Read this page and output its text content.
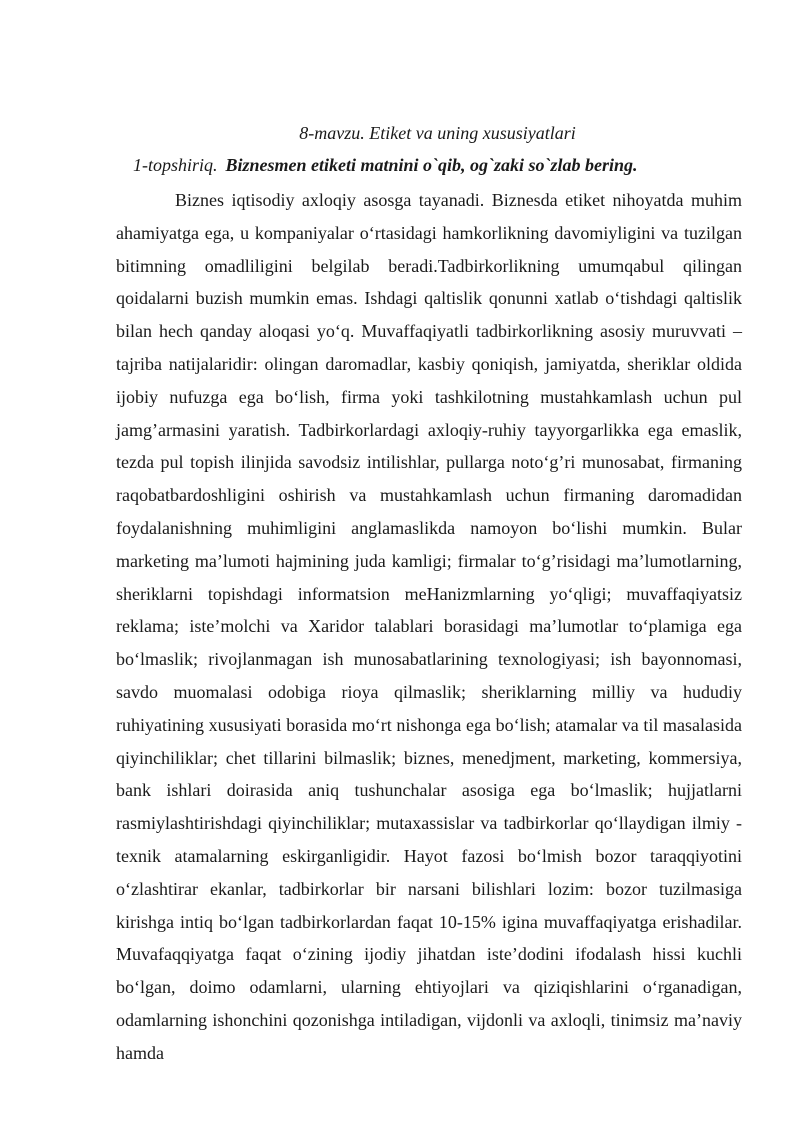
8-mavzu. Etiket va uning xususiyatlari
1-topshiriq. Biznesmen etiketi matnini o`qib, og`zaki so`zlab bering.

Biznes iqtisodiy axloqiy asosga tayanadi. Biznesda etiket nihoyatda muhim ahamiyatga ega, u kompaniyalar o‘rtasidagi hamkorlikning davomiyligini va tuzilgan bitimning omadliligini belgilab beradi.Tadbirkorlikning umumqabul qilingan qoidalarni buzish mumkin emas. Ishdagi qaltislik qonunni xatlab o‘tishdagi qaltislik bilan hech qanday aloqasi yo‘q. Muvaffaqiyatli tadbirkorlikning asosiy muruvvati – tajriba natijalaridir: olingan daromadlar, kasbiy qoniqish, jamiyatda, sheriklar oldida ijobiy nufuzga ega bo‘lish, firma yoki tashkilotning mustahkamlash uchun pul jamg’armasini yaratish. Tadbirkorlardagi axloqiy-ruhiy tayyorgarlikka ega emaslik, tezda pul topish ilinjida savodsiz intilishlar, pullarga noto‘g’ri munosabat, firmaning raqobatbardoshligini oshirish va mustahkamlash uchun firmaning daromadidan foydalanishning muhimligini anglamaslikda namoyon bo‘lishi mumkin. Bular marketing ma’lumoti hajmining juda kamligi; firmalar to‘g’risidagi ma’lumotlarning, sheriklarni topishdagi informatsion meHanizmlarning yo‘qligi; muvaffaqiyatsiz reklama; iste’molchi va Xaridor talablari borasidagi ma’lumotlar to‘plamiga ega bo‘lmaslik; rivojlanmagan ish munosabatlarining texnologiyasi; ish bayonnomasi, savdo muomalasi odobiga rioya qilmaslik; sheriklarning milliy va hududiy ruhiyatining xususiyati borasida mo‘rt nishonga ega bo‘lish; atamalar va til masalasida qiyinchiliklar; chet tillarini bilmaslik; biznes, menedjment, marketing, kommersiya, bank ishlari doirasida aniq tushunchalar asosiga ega bo‘lmaslik; hujjatlarni rasmiylashtirishdagi qiyinchiliklar; mutaxassislar va tadbirkorlar qo‘llaydigan ilmiy - texnik atamalarning eskirganligidir. Hayot fazosi bo‘lmish bozor taraqqiyotini o‘zlashtirar ekanlar, tadbirkorlar bir narsani bilishlari lozim: bozor tuzilmasiga kirishga intiq bo‘lgan tadbirkorlardan faqat 10-15% igina muvaffaqiyatga erishadilar. Muvafaqqiyatga faqat o‘zining ijodiy jihatdan iste’dodini ifodalash hissi kuchli bo‘lgan, doimo odamlarni, ularning ehtiyojlari va qiziqishlarini o‘rganadigan, odamlarning ishonchini qozonishga intiladigan, vijdonli va axloqli, tinimsiz ma’naviy hamda
